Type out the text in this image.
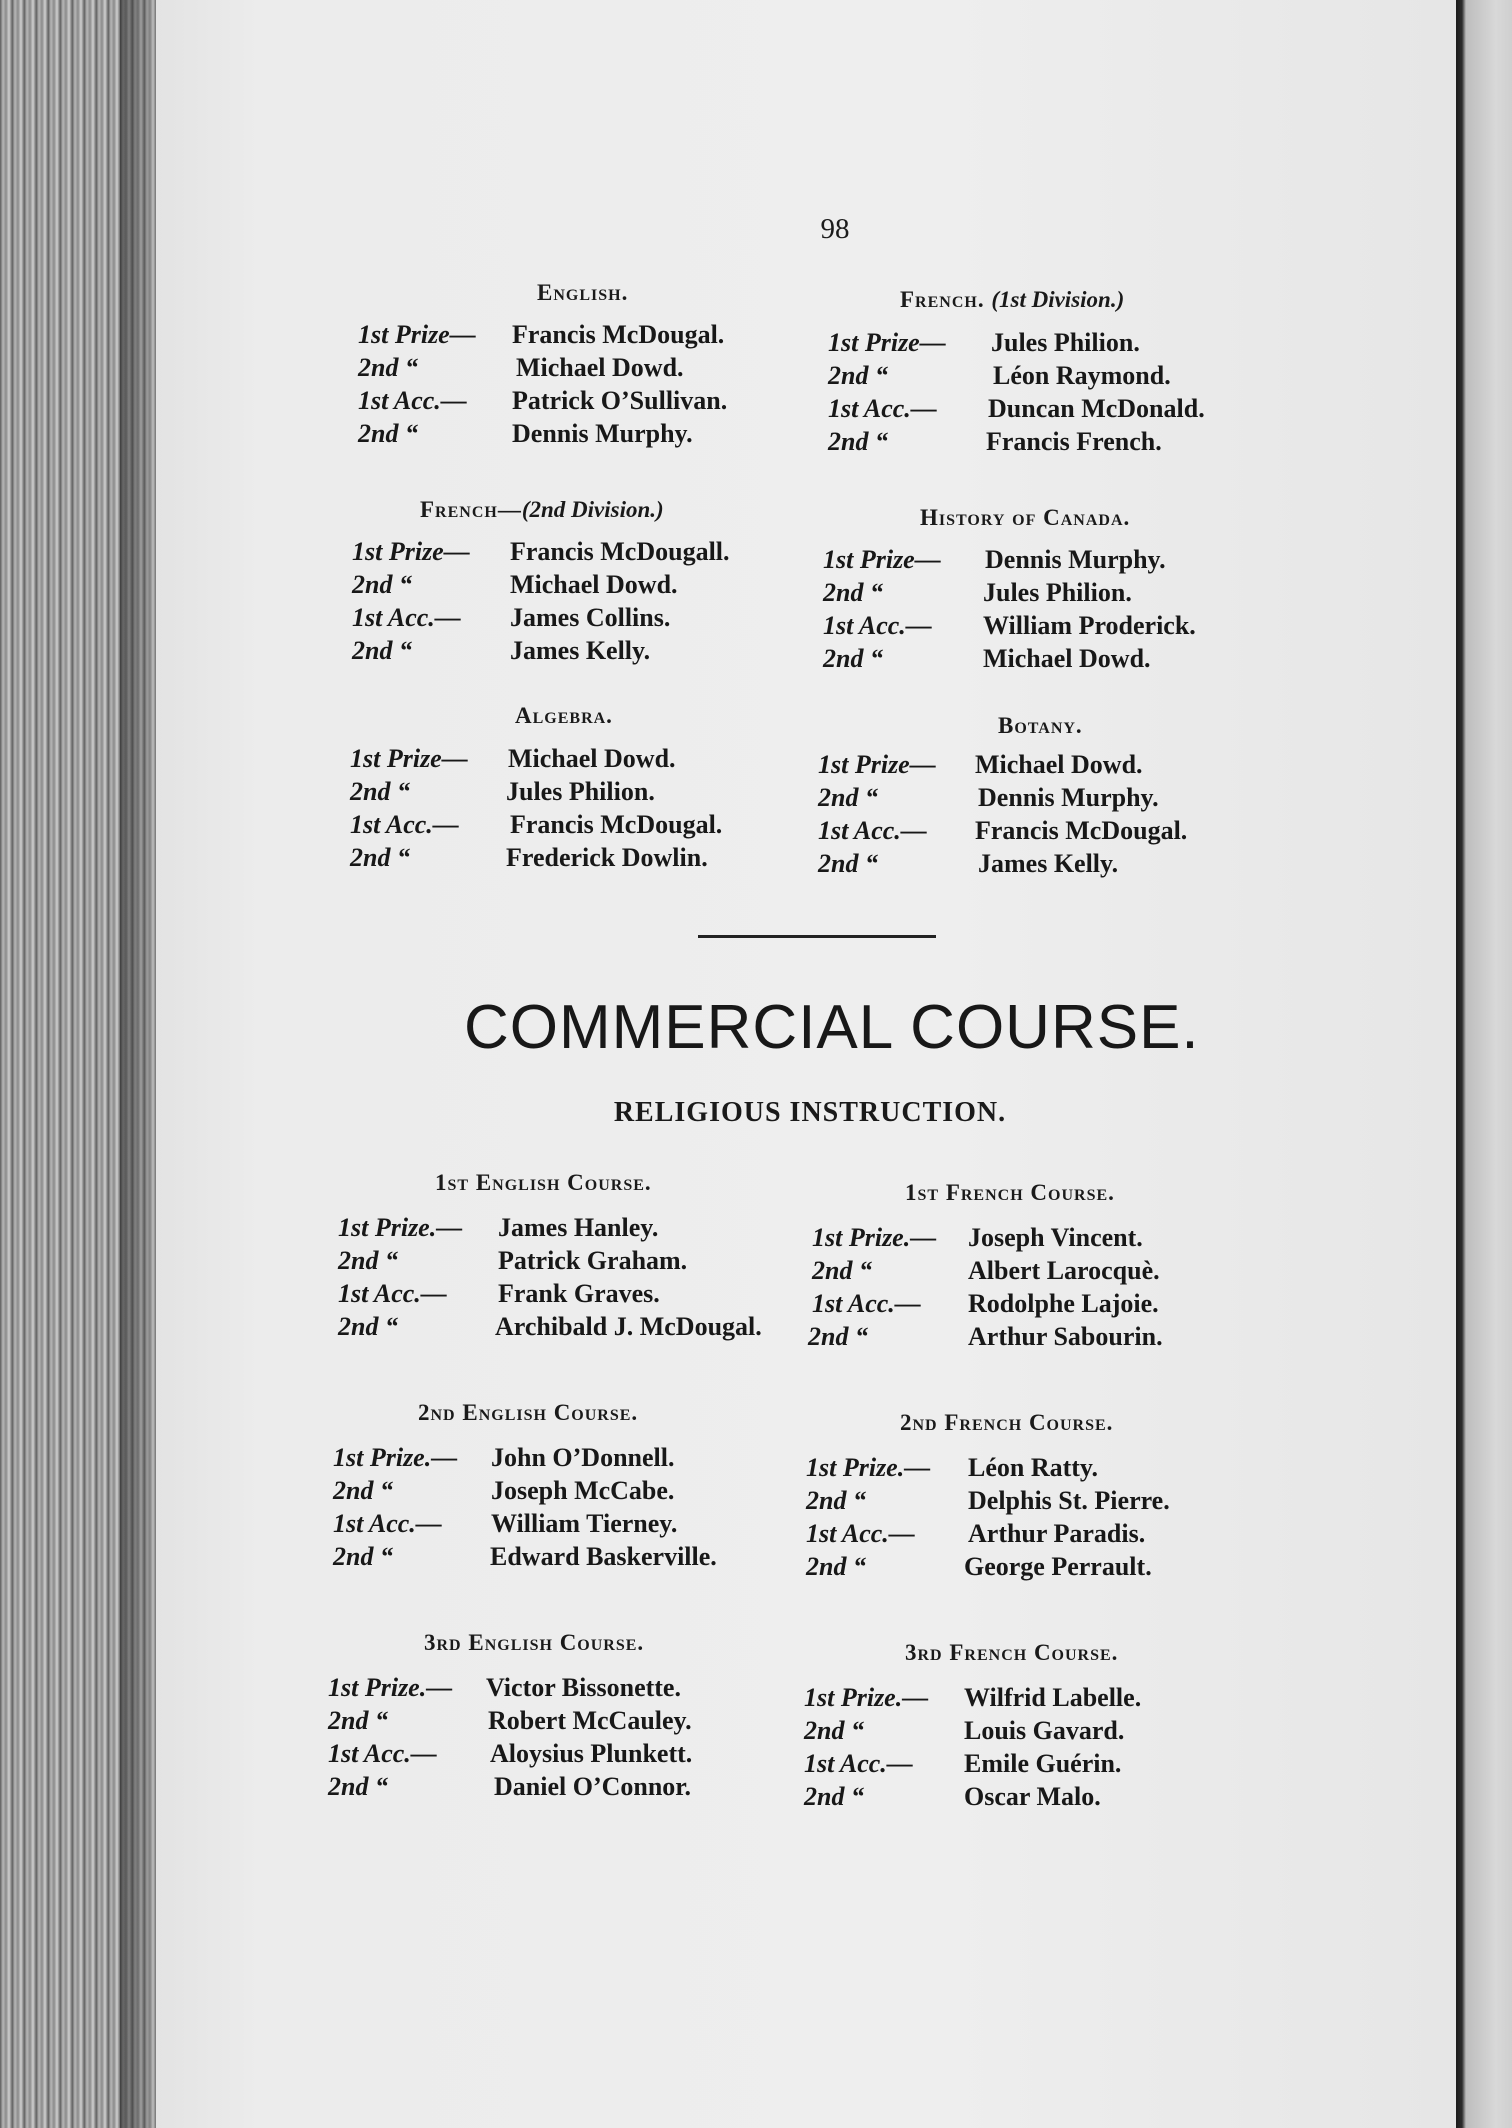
98
English.
1st Prize— Francis McDougal.
2nd “	Michael Dowd.
1st Acc.— Patrick O’Sullivan.
2nd “	Dennis Murphy.
French. (1st Division.)
1st Prize— Jules Philion.
2nd “	Léon Raymond.
1st Acc.— Duncan McDonald.
2nd “	Francis French.
French—(2nd Division.)
1st Prize— Francis McDougall.
2nd “	Michael Dowd.
1st Acc.— James Collins.
2nd “	James Kelly.
History of Canada.
1st Prize— Dennis Murphy.
2nd “	Jules Philion.
1st Acc.— William Proderick.
2nd “	Michael Dowd.
Algebra.
1st Prize— Michael Dowd.
2nd “	Jules Philion.
1st Acc.— Francis McDougal.
2nd “	Frederick Dowlin.
Botany.
1st Prize— Michael Dowd.
2nd “	Dennis Murphy.
1st Acc.— Francis McDougal.
2nd “	James Kelly.
COMMERCIAL COURSE.
RELIGIOUS INSTRUCTION.
1st English Course.
1st Prize.— James Hanley.
2nd “	Patrick Graham.
1st Acc.— Frank Graves.
2nd “	Archibald J. McDougal.
1st French Course.
1st Prize.— Joseph Vincent.
2nd “	Albert Larocquè.
1st Acc.— Rodolphe Lajoie.
2nd “	Arthur Sabourin.
2nd English Course.
1st Prize.— John O’Donnell.
2nd “	Joseph McCabe.
1st Acc.— William Tierney.
2nd “	Edward Baskerville.
2nd French Course.
1st Prize.— Léon Ratty.
2nd “	Delphis St. Pierre.
1st Acc.— Arthur Paradis.
2nd “	George Perrault.
3rd English Course.
1st Prize.— Victor Bissonette.
2nd “	Robert McCauley.
1st Acc.— Aloysius Plunkett.
2nd “	Daniel O’Connor.
3rd French Course.
1st Prize.— Wilfrid Labelle.
2nd “	Louis Gavard.
1st Acc.— Emile Guérin.
2nd “	Oscar Malo.
